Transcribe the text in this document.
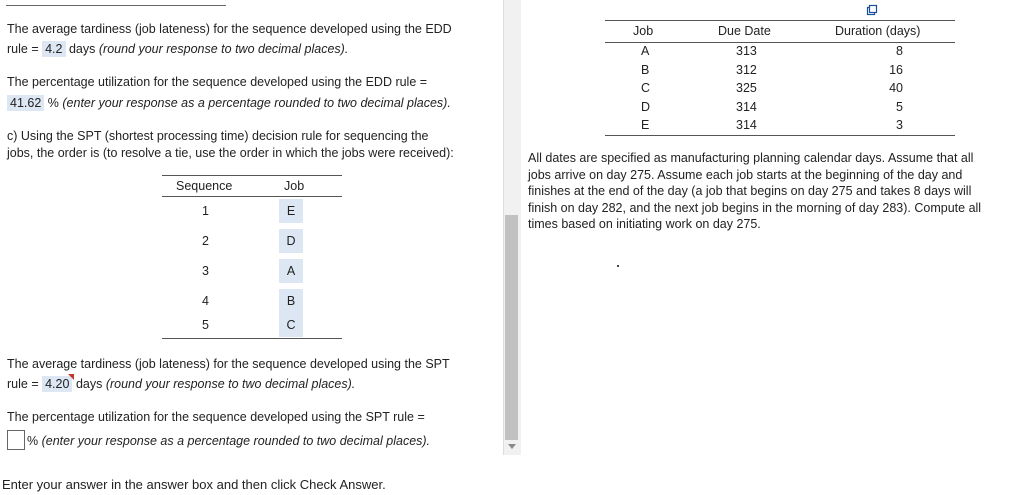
The average tardiness (job lateness) for the sequence developed using the EDD
rule = 4.2 days (round your response to two decimal places).
The percentage utilization for the sequence developed using the EDD rule =
41.62 % (enter your response as a percentage rounded to two decimal places).
c) Using the SPT (shortest processing time) decision rule for sequencing the
jobs, the order is (to resolve a tie, use the order in which the jobs were received):
Sequence	Job
1	E
2	D
3	A
4	B
5	C
The average tardiness (job lateness) for the sequence developed using the SPT
rule = 4.20 days (round your response to two decimal places).
The percentage utilization for the sequence developed using the SPT rule =
% (enter your response as a percentage rounded to two decimal places).
Enter your answer in the answer box and then click Check Answer.
Job	Due Date	Duration (days)
A	313	8
B	312	16
C	325	40
D	314	5
E	314	3
All dates are specified as manufacturing planning calendar days. Assume that all
jobs arrive on day 275. Assume each job starts at the beginning of the day and
finishes at the end of the day (a job that begins on day 275 and takes 8 days will
finish on day 282, and the next job begins in the morning of day 283). Compute all
times based on initiating work on day 275.
